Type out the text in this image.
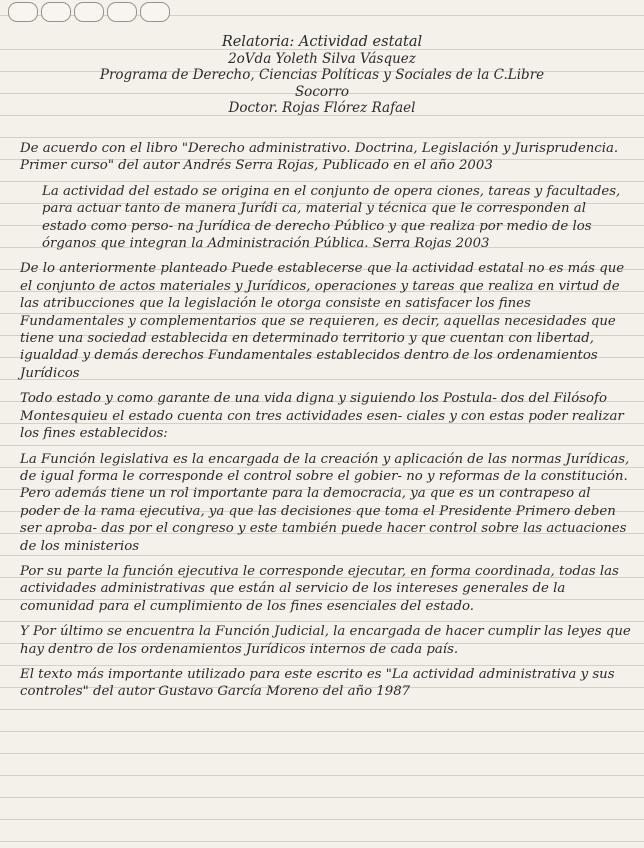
Relatoria: Actividad estatal
2oVda Yoleth Silva Vásquez
Programa de Derecho, Ciencias Políticas y Sociales de la C.Libre
Socorro
Doctor. Rojas Flórez Rafael

De acuerdo con el libro "Derecho administrativo. Doctrina, Legislación y Jurisprudencia. Primer curso" del autor Andrés Serra Rojas, Publicado en el año 2003

La actividad del estado se origina en el conjunto de opera ciones, tareas y facultades, para actuar tanto de manera Jurídi ca, material y técnica que le corresponden al estado como perso- na Jurídica de derecho Público y que realiza por medio de los órganos que integran la Administración Pública. Serra Rojas 2003

De lo anteriormente planteado Puede establecerse que la actividad estatal no es más que el conjunto de actos materiales y Jurídicos, operaciones y tareas que realiza en virtud de las atribucciones que la legislación le otorga consiste en satisfacer los fines Fundamentales y complementarios que se requieren, es decir, aquellas necesidades que tiene una sociedad establecida en determinado territorio y que cuentan con libertad, igualdad y demás derechos Fundamentales establecidos dentro de los ordenamientos Jurídicos

Todo estado y como garante de una vida digna y siguiendo los Postula- dos del Filósofo Montesquieu el estado cuenta con tres actividades esen- ciales y con estas poder realizar los fines establecidos:

La Función legislativa es la encargada de la creación y aplicación de las normas Jurídicas, de igual forma le corresponde el control sobre el gobier- no y reformas de la constitución. Pero además tiene un rol importante para la democracia, ya que es un contrapeso al poder de la rama ejecutiva, ya que las decisiones que toma el Presidente Primero deben ser aproba- das por el congreso y este también puede hacer control sobre las actuaciones de los ministerios

Por su parte la función ejecutiva le corresponde ejecutar, en forma coordinada, todas las actividades administrativas que están al servicio de los intereses generales de la comunidad para el cumplimiento de los fines esenciales del estado.

Y Por último se encuentra la Función Judicial, la encargada de hacer cumplir las leyes que hay dentro de los ordenamientos Jurídicos internos de cada país.

El texto más importante utilizado para este escrito es "La actividad administrativa y sus controles" del autor Gustavo García Moreno del año 1987
